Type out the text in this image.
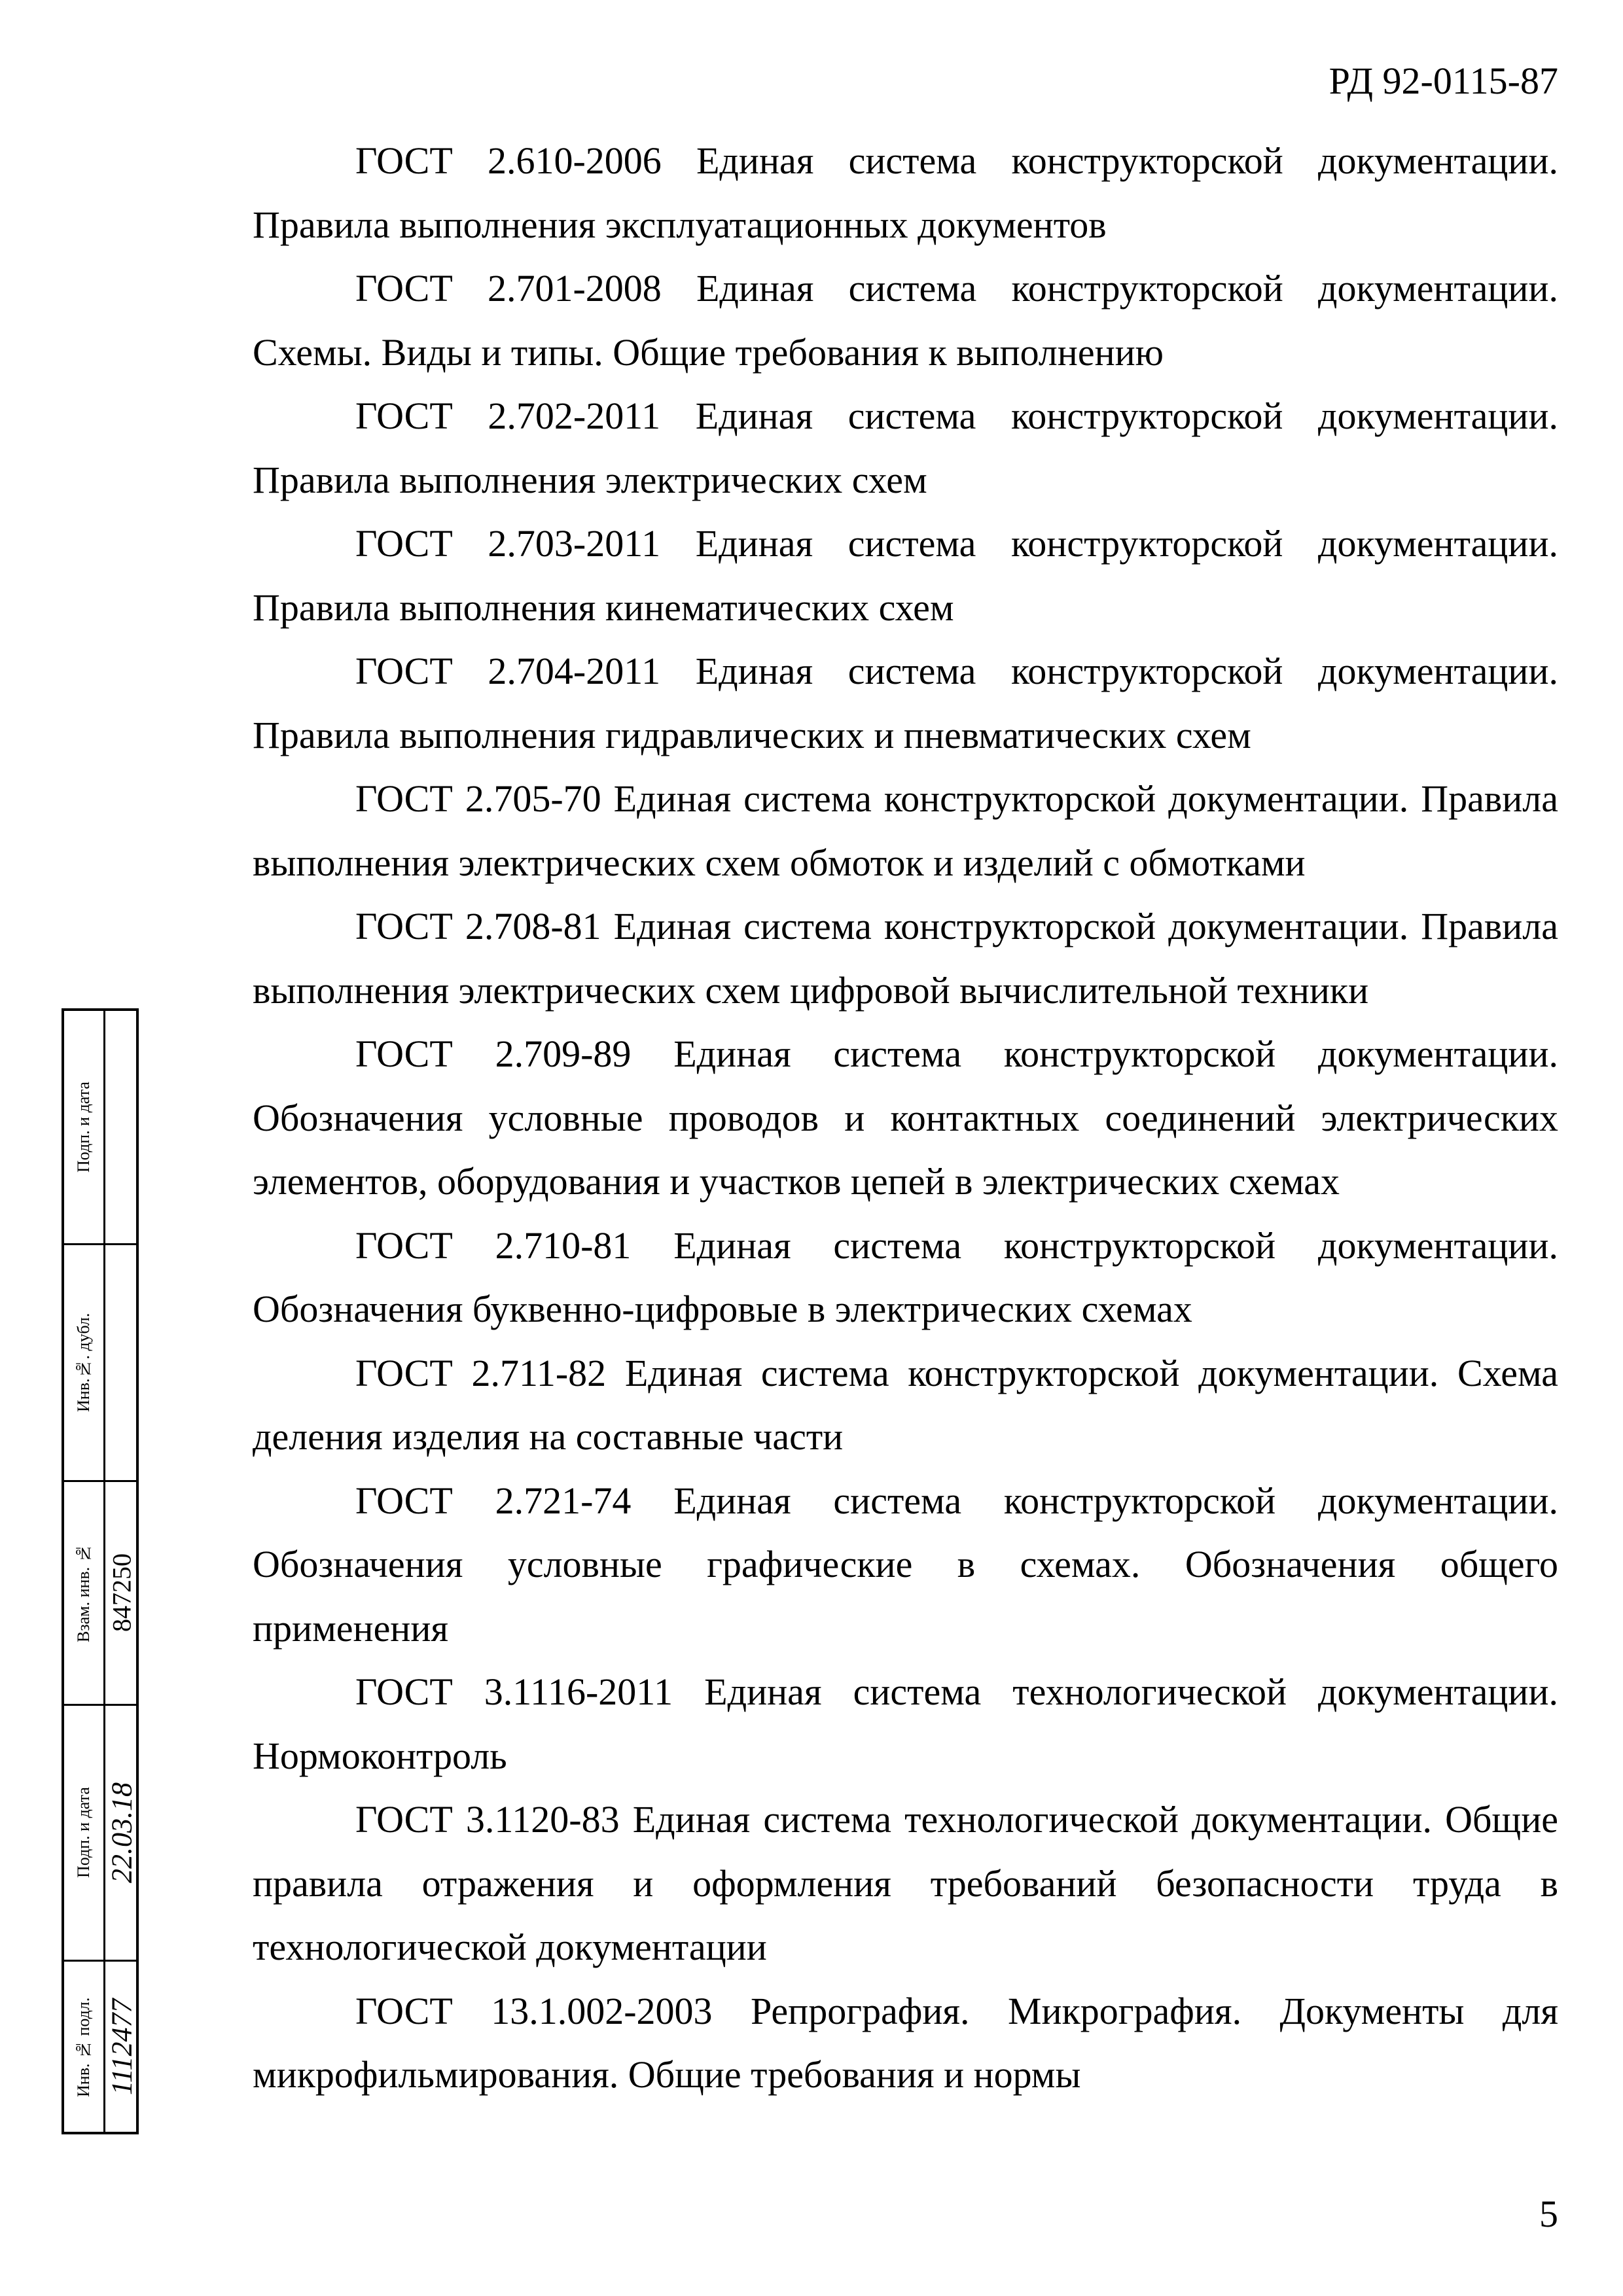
РД 92-0115-87
ГОСТ 2.610-2006 Единая система конструкторской документации.
Правила выполнения эксплуатационных документов
ГОСТ 2.701-2008 Единая система конструкторской документации.
Схемы. Виды и типы. Общие требования к выполнению
ГОСТ 2.702-2011 Единая система конструкторской документации.
Правила выполнения электрических схем
ГОСТ 2.703-2011 Единая система конструкторской документации.
Правила выполнения кинематических схем
ГОСТ 2.704-2011 Единая система конструкторской документации.
Правила выполнения гидравлических и пневматических схем
ГОСТ 2.705-70 Единая система конструкторской документации. Правила
выполнения электрических схем обмоток и изделий с обмотками
ГОСТ 2.708-81 Единая система конструкторской документации. Правила
выполнения электрических схем цифровой вычислительной техники
ГОСТ 2.709-89 Единая система конструкторской документации.
Обозначения условные проводов и контактных соединений электрических
элементов, оборудования и участков цепей в электрических схемах
ГОСТ 2.710-81 Единая система конструкторской документации.
Обозначения буквенно-цифровые в электрических схемах
ГОСТ 2.711-82 Единая система конструкторской документации. Схема
деления изделия на составные части
ГОСТ 2.721-74 Единая система конструкторской документации.
Обозначения условные графические в схемах. Обозначения общего
применения
ГОСТ 3.1116-2011 Единая система технологической документации.
Нормоконтроль
ГОСТ 3.1120-83 Единая система технологической документации. Общие
правила отражения и оформления требований безопасности труда в
технологической документации
ГОСТ 13.1.002-2003 Репрография. Микрография. Документы для
микрофильмирования. Общие требования и нормы
5
Подп. и дата
Инв.№. дубл.
Взам. инв. № 847250
Подп. и дата 22.03.18
Инв. № подл. 1112477
